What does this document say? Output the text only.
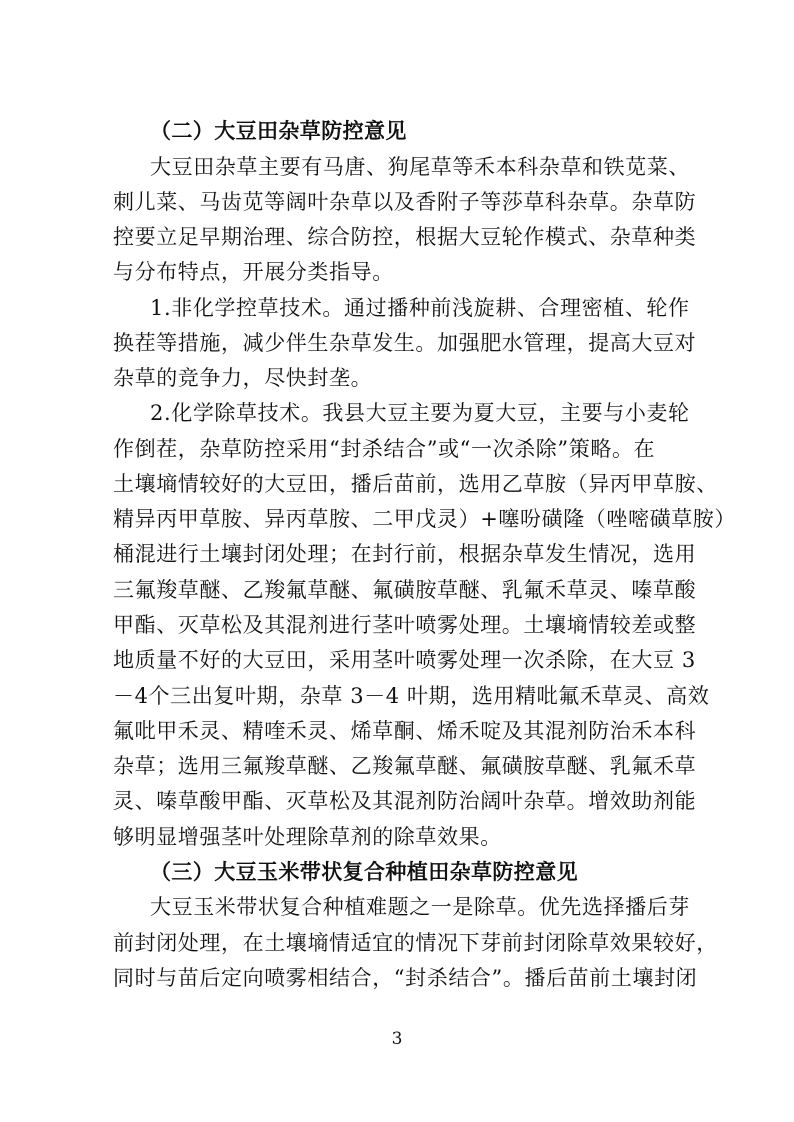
（二）大豆田杂草防控意见
大豆田杂草主要有马唐、狗尾草等禾本科杂草和铁苋菜、
刺儿菜、马齿苋等阔叶杂草以及香附子等莎草科杂草。杂草防
控要立足早期治理、综合防控，根据大豆轮作模式、杂草种类
与分布特点，开展分类指导。
1.非化学控草技术。通过播种前浅旋耕、合理密植、轮作
换茬等措施，减少伴生杂草发生。加强肥水管理，提高大豆对
杂草的竞争力，尽快封垄。
2.化学除草技术。我县大豆主要为夏大豆，主要与小麦轮
作倒茬，杂草防控采用“封杀结合”或“一次杀除”策略。在
土壤墒情较好的大豆田，播后苗前，选用乙草胺（异丙甲草胺、
精异丙甲草胺、异丙草胺、二甲戊灵）+噻吩磺隆（唑嘧磺草胺）
桶混进行土壤封闭处理；在封行前，根据杂草发生情况，选用
三氟羧草醚、乙羧氟草醚、氟磺胺草醚、乳氟禾草灵、嗪草酸
甲酯、灭草松及其混剂进行茎叶喷雾处理。土壤墒情较差或整
地质量不好的大豆田，采用茎叶喷雾处理一次杀除，在大豆 3
－4个三出复叶期，杂草 3－4 叶期，选用精吡氟禾草灵、高效
氟吡甲禾灵、精喹禾灵、烯草酮、烯禾啶及其混剂防治禾本科
杂草；选用三氟羧草醚、乙羧氟草醚、氟磺胺草醚、乳氟禾草
灵、嗪草酸甲酯、灭草松及其混剂防治阔叶杂草。增效助剂能
够明显增强茎叶处理除草剂的除草效果。
（三）大豆玉米带状复合种植田杂草防控意见
大豆玉米带状复合种植难题之一是除草。优先选择播后芽
前封闭处理，在土壤墒情适宜的情况下芽前封闭除草效果较好，
同时与苗后定向喷雾相结合，“封杀结合”。播后苗前土壤封闭
3
